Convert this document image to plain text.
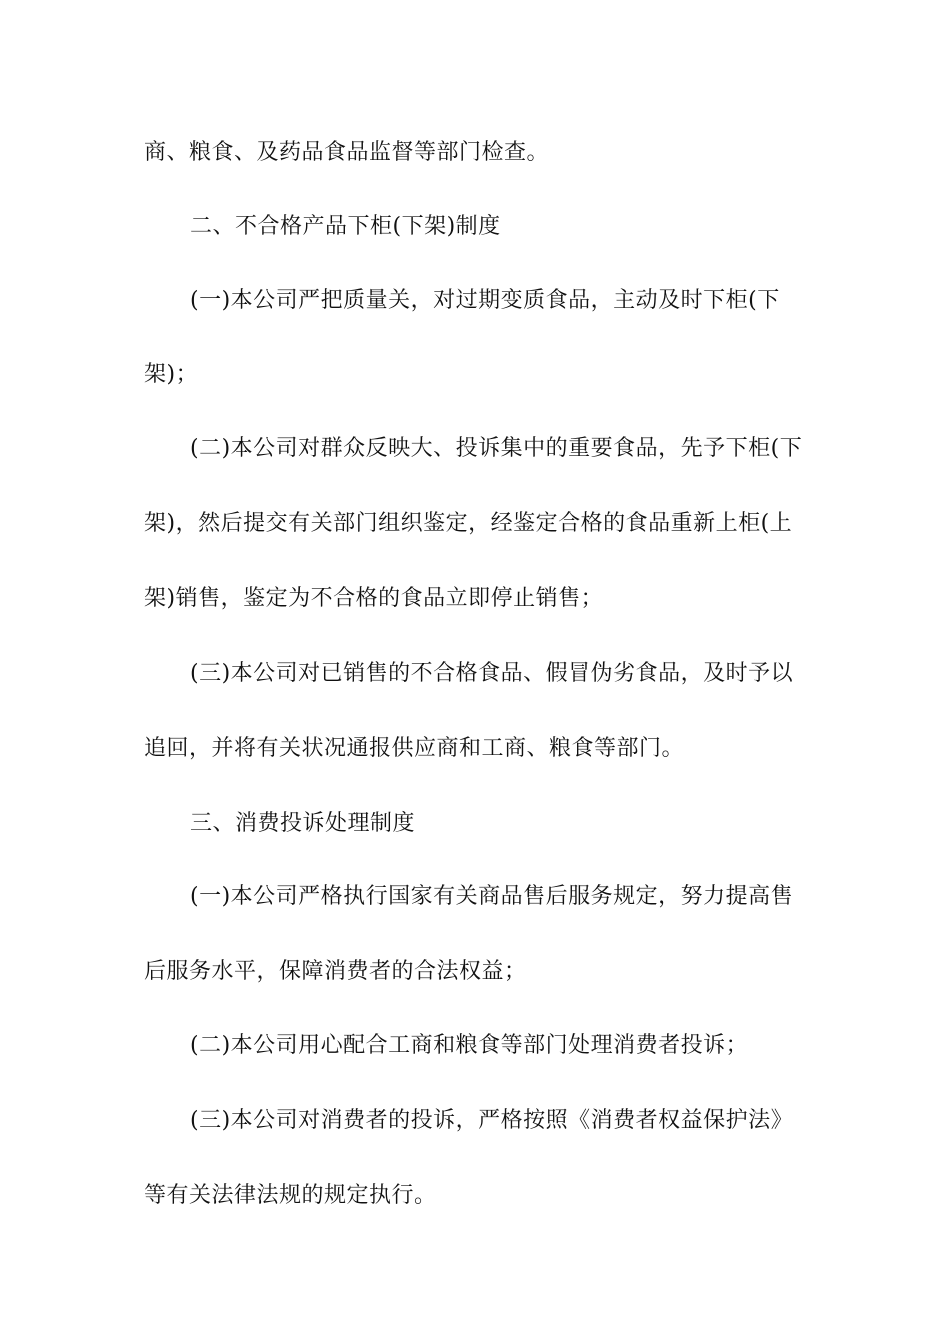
商、粮食、及药品食品监督等部门检查。
二、不合格产品下柜(下架)制度
(一)本公司严把质量关，对过期变质食品，主动及时下柜(下
架)；
(二)本公司对群众反映大、投诉集中的重要食品，先予下柜(下
架)，然后提交有关部门组织鉴定，经鉴定合格的食品重新上柜(上
架)销售，鉴定为不合格的食品立即停止销售；
(三)本公司对已销售的不合格食品、假冒伪劣食品，及时予以
追回，并将有关状况通报供应商和工商、粮食等部门。
三、消费投诉处理制度
(一)本公司严格执行国家有关商品售后服务规定，努力提高售
后服务水平，保障消费者的合法权益；
(二)本公司用心配合工商和粮食等部门处理消费者投诉；
(三)本公司对消费者的投诉，严格按照《消费者权益保护法》
等有关法律法规的规定执行。
